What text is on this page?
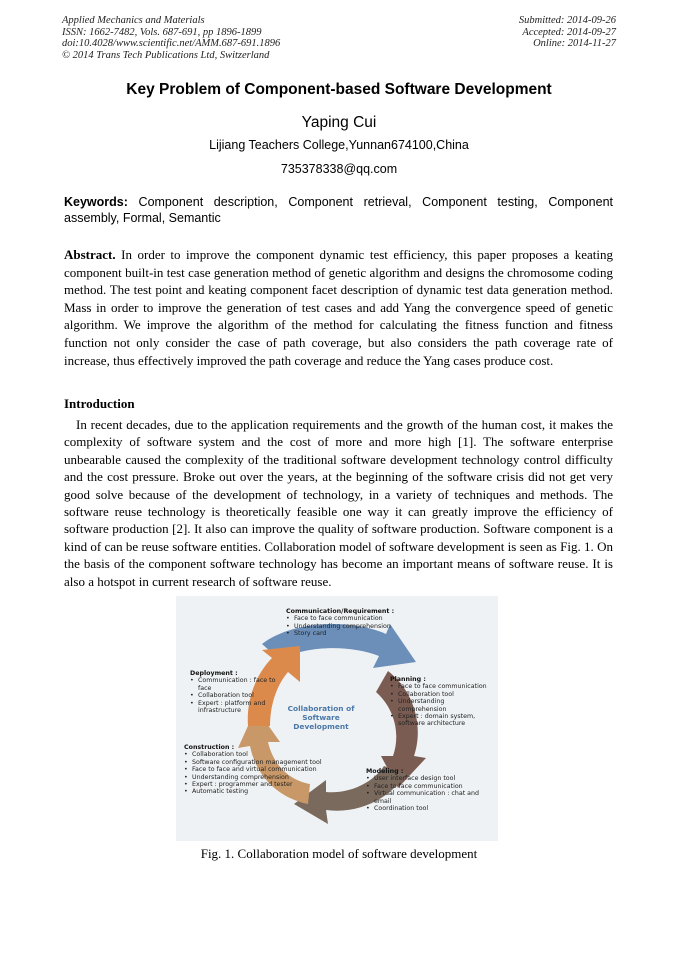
Applied Mechanics and Materials
ISSN: 1662-7482, Vols. 687-691, pp 1896-1899
doi:10.4028/www.scientific.net/AMM.687-691.1896
© 2014 Trans Tech Publications Ltd, Switzerland
Submitted: 2014-09-26
Accepted: 2014-09-27
Online: 2014-11-27
Key Problem of Component-based Software Development
Yaping Cui
Lijiang Teachers College,Yunnan674100,China
735378338@qq.com
Keywords: Component description, Component retrieval, Component testing, Component assembly, Formal, Semantic
Abstract. In order to improve the component dynamic test efficiency, this paper proposes a keating component built-in test case generation method of genetic algorithm and designs the chromosome coding method. The test point and keating component facet description of dynamic test data generation method. Mass in order to improve the generation of test cases and add Yang the convergence speed of genetic algorithm. We improve the algorithm of the method for calculating the fitness function and fitness function not only consider the case of path coverage, but also considers the path coverage rate of increase, thus effectively improved the path coverage and reduce the Yang cases produce cost.
Introduction
In recent decades, due to the application requirements and the growth of the human cost, it makes the complexity of software system and the cost of more and more high [1]. The software enterprise unbearable caused the complexity of the traditional software development technology control difficulty and the cost pressure. Broke out over the years, at the beginning of the software crisis did not get very good solve because of the development of technology, in a variety of techniques and methods. The software reuse technology is theoretically feasible one way it can greatly improve the efficiency of software production [2]. It also can improve the quality of software production. Software component is a kind of can be reuse software entities. Collaboration model of software development is seen as Fig. 1. On the basis of the component software technology has become an important means of software reuse. It is also a hotspot in current research of software reuse.
Collaboration of
Software Development
Communication/Requirement :
• Face to face communication
• Understanding comprehension
• Story card
Planning :
• Face to face communication
• Collaboration tool
• Understanding comprehension
• Expert : domain system, software architecture
Modeling :
• User interface design tool
• Face to face communication
• Virtual communication : chat and email
• Coordination tool
Construction :
• Collaboration tool
• Software configuration management tool
• Face to face and virtual communication
• Understanding comprehension
• Expert : programmer and tester
• Automatic testing
Deployment :
• Communication : face to face
• Collaboration tool
• Expert : platform and infrastructure
Fig. 1. Collaboration model of software development
